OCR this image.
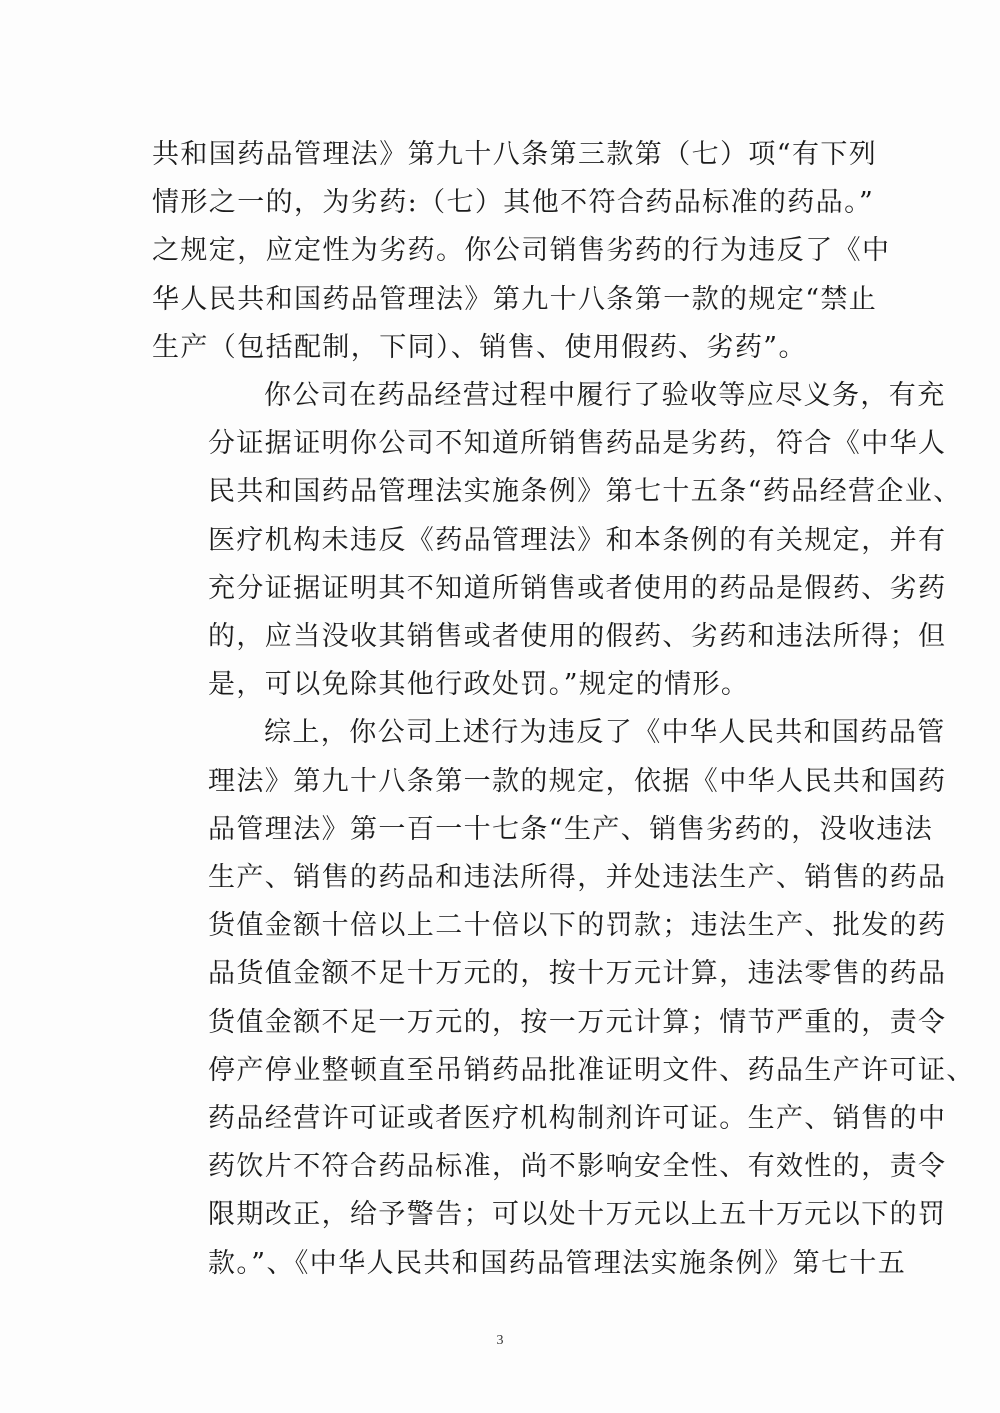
共和国药品管理法》第九十八条第三款第（七）项“有下列
情形之一的，为劣药:（七）其他不符合药品标准的药品。”
之规定，应定性为劣药。你公司销售劣药的行为违反了《中
华人民共和国药品管理法》第九十八条第一款的规定“禁止
生产（包括配制，下同）、销售、使用假药、劣药”。

你公司在药品经营过程中履行了验收等应尽义务，有充
分证据证明你公司不知道所销售药品是劣药，符合《中华人
民共和国药品管理法实施条例》第七十五条“药品经营企业、
医疗机构未违反《药品管理法》和本条例的有关规定，并有
充分证据证明其不知道所销售或者使用的药品是假药、劣药
的，应当没收其销售或者使用的假药、劣药和违法所得；但
是，可以免除其他行政处罚。”规定的情形。

综上，你公司上述行为违反了《中华人民共和国药品管
理法》第九十八条第一款的规定，依据《中华人民共和国药
品管理法》第一百一十七条“生产、销售劣药的，没收违法
生产、销售的药品和违法所得，并处违法生产、销售的药品
货值金额十倍以上二十倍以下的罚款；违法生产、批发的药
品货值金额不足十万元的，按十万元计算，违法零售的药品
货值金额不足一万元的，按一万元计算；情节严重的，责令
停产停业整顿直至吊销药品批准证明文件、药品生产许可证、
药品经营许可证或者医疗机构制剂许可证。生产、销售的中
药饮片不符合药品标准，尚不影响安全性、有效性的，责令
限期改正，给予警告；可以处十万元以上五十万元以下的罚
款。”、《中华人民共和国药品管理法实施条例》第七十五

3
